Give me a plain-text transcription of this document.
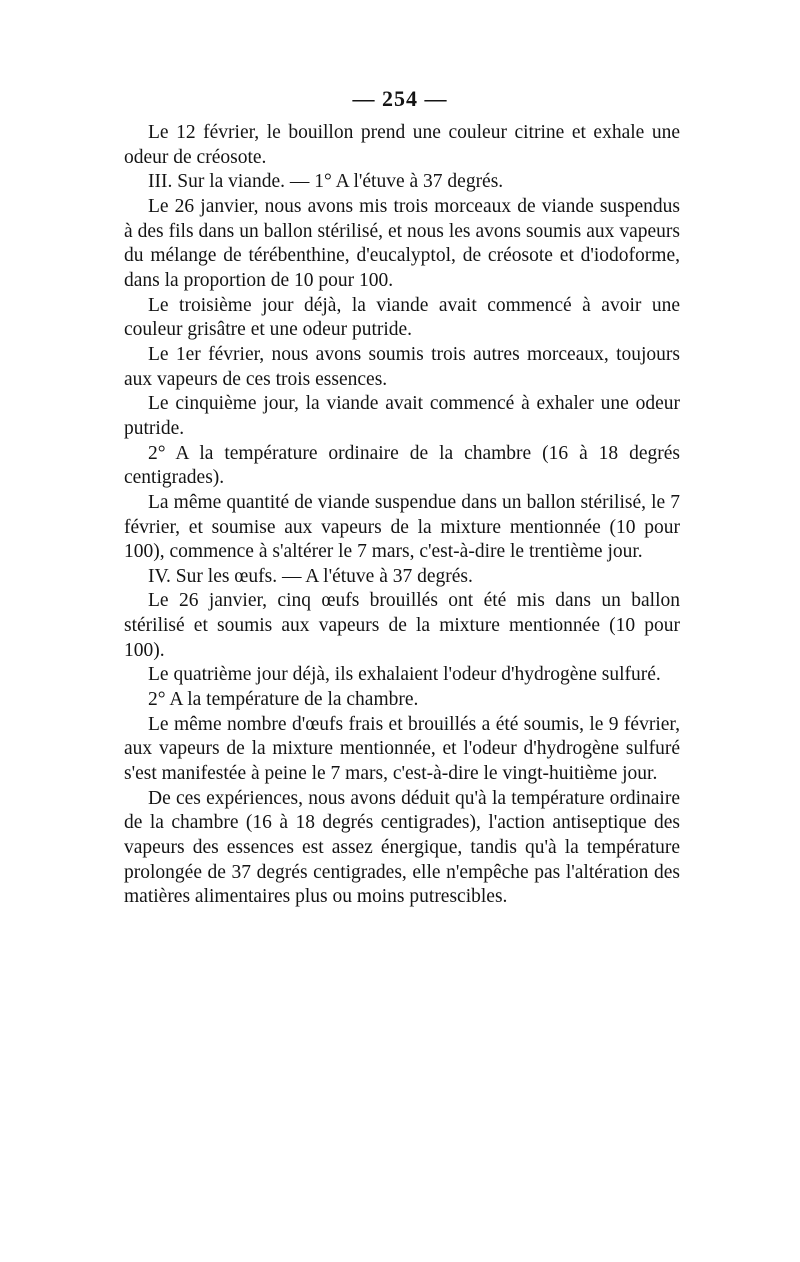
— 254 —

Le 12 février, le bouillon prend une couleur citrine et exhale une odeur de créosote.

III. Sur la viande. — 1° A l'étuve à 37 degrés.

Le 26 janvier, nous avons mis trois morceaux de viande suspendus à des fils dans un ballon stérilisé, et nous les avons soumis aux vapeurs du mélange de térébenthine, d'eucalyptol, de créosote et d'iodoforme, dans la proportion de 10 pour 100.

Le troisième jour déjà, la viande avait commencé à avoir une couleur grisâtre et une odeur putride.

Le 1er février, nous avons soumis trois autres morceaux, toujours aux vapeurs de ces trois essences.

Le cinquième jour, la viande avait commencé à exhaler une odeur putride.

2° A la température ordinaire de la chambre (16 à 18 degrés centigrades).

La même quantité de viande suspendue dans un ballon stérilisé, le 7 février, et soumise aux vapeurs de la mixture mentionnée (10 pour 100), commence à s'altérer le 7 mars, c'est-à-dire le trentième jour.

IV. Sur les œufs. — A l'étuve à 37 degrés.

Le 26 janvier, cinq œufs brouillés ont été mis dans un ballon stérilisé et soumis aux vapeurs de la mixture mentionnée (10 pour 100).

Le quatrième jour déjà, ils exhalaient l'odeur d'hydrogène sulfuré.

2° A la température de la chambre.

Le même nombre d'œufs frais et brouillés a été soumis, le 9 février, aux vapeurs de la mixture mentionnée, et l'odeur d'hydrogène sulfuré s'est manifestée à peine le 7 mars, c'est-à-dire le vingt-huitième jour.

De ces expériences, nous avons déduit qu'à la température ordinaire de la chambre (16 à 18 degrés centigrades), l'action antiseptique des vapeurs des essences est assez énergique, tandis qu'à la température prolongée de 37 degrés centigrades, elle n'empêche pas l'altération des matières alimentaires plus ou moins putrescibles.
